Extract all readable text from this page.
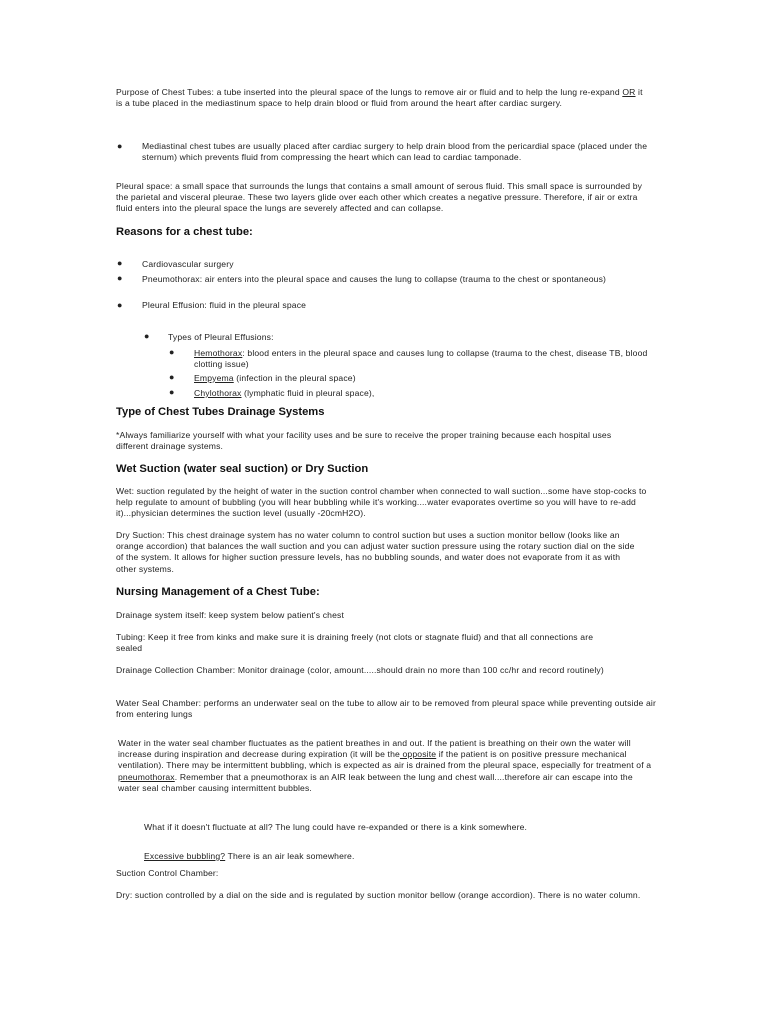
Purpose of Chest Tubes: a tube inserted into the pleural space of the lungs to remove air or fluid and to help the lung re-expand OR it is a tube placed in the mediastinum space to help drain blood or fluid from around the heart after cardiac surgery.
● Mediastinal chest tubes are usually placed after cardiac surgery to help drain blood from the pericardial space (placed under the sternum) which prevents fluid from compressing the heart which can lead to cardiac tamponade.
Pleural space: a small space that surrounds the lungs that contains a small amount of serous fluid. This small space is surrounded by the parietal and visceral pleurae. These two layers glide over each other which creates a negative pressure. Therefore, if air or extra fluid enters into the pleural space the lungs are severely affected and can collapse.
Reasons for a chest tube:
● Cardiovascular surgery
● Pneumothorax: air enters into the pleural space and causes the lung to collapse (trauma to the chest or spontaneous)
● Pleural Effusion: fluid in the pleural space
● Types of Pleural Effusions:
● Hemothorax: blood enters in the pleural space and causes lung to collapse (trauma to the chest, disease TB, blood clotting issue)
● Empyema (infection in the pleural space)
● Chylothorax (lymphatic fluid in pleural space),
Type of Chest Tubes Drainage Systems
*Always familiarize yourself with what your facility uses and be sure to receive the proper training because each hospital uses different drainage systems.
Wet Suction (water seal suction) or Dry Suction
Wet: suction regulated by the height of water in the suction control chamber when connected to wall suction...some have stop-cocks to help regulate to amount of bubbling (you will hear bubbling while it's working....water evaporates overtime so you will have to re-add it)...physician determines the suction level (usually -20cmH2O).
Dry Suction: This chest drainage system has no water column to control suction but uses a suction monitor bellow (looks like an orange accordion) that balances the wall suction and you can adjust water suction pressure using the rotary suction dial on the side of the system. It allows for higher suction pressure levels, has no bubbling sounds, and water does not evaporate from it as with other systems.
Nursing Management of a Chest Tube:
Drainage system itself: keep system below patient's chest
Tubing: Keep it free from kinks and make sure it is draining freely (not clots or stagnate fluid) and that all connections are sealed
Drainage Collection Chamber: Monitor drainage (color, amount.....should drain no more than 100 cc/hr and record routinely)
Water Seal Chamber: performs an underwater seal on the tube to allow air to be removed from pleural space while preventing outside air from entering lungs
Water in the water seal chamber fluctuates as the patient breathes in and out. If the patient is breathing on their own the water will increase during inspiration and decrease during expiration (it will be the opposite if the patient is on positive pressure mechanical ventilation). There may be intermittent bubbling, which is expected as air is drained from the pleural space, especially for treatment of a pneumothorax. Remember that a pneumothorax is an AIR leak between the lung and chest wall....therefore air can escape into the water seal chamber causing intermittent bubbles.
What if it doesn't fluctuate at all? The lung could have re-expanded or there is a kink somewhere.
Excessive bubbling? There is an air leak somewhere.
Suction Control Chamber:
Dry: suction controlled by a dial on the side and is regulated by suction monitor bellow (orange accordion). There is no water column.
